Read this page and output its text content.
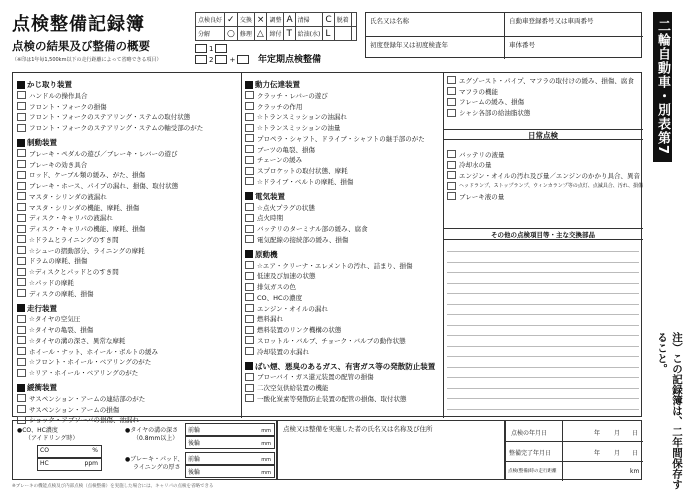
点検整備記録簿
点検の結果及び整備の概要
（※印は1年毎1,500km以下の走行距離によって省略できる項目）
点検良好	✓	交換	×	調整	A	清掃	C	脱着	
分解	○	修理	△	締付	T	給油(水)	L		
1
2 +	年定期点検整備
氏名又は名称	自動車登録番号又は車両番号
初度登録年又は初度検査年	車体番号	二輪自動車・別表第7
注）この記録簿は、二年間保存すること。
かじ取り装置
ハンドルの操作具合
フロント・フォークの損傷
フロント・フォークのステアリング・ステムの取付状態
フロント・フォークのステアリング・ステムの軸受部のがた
制動装置
ブレーキ・ペダルの遊び／ブレーキ・レバーの遊び
ブレーキの効き具合
ロッド、ケーブル類の緩み、がた、損傷
ブレーキ・ホース、パイプの漏れ、損傷、取付状態
マスタ・シリンダの液漏れ
マスタ・シリンダの機能、摩耗、損傷
ディスク・キャリパの液漏れ
ディスク・キャリパの機能、摩耗、損傷
☆ドラムとライニングのすき間
☆シューの摺動部分、ライニングの摩耗
ドラムの摩耗、損傷
☆ディスクとパッドとのすき間
☆パッドの摩耗
ディスクの摩耗、損傷
走行装置
☆タイヤの空気圧
☆タイヤの亀裂、損傷
☆タイヤの溝の深さ、異常な摩耗
ホイール・ナット、ホイール・ボルトの緩み
☆フロント・ホイール・ベアリングのがた
☆リア・ホイール・ベアリングのがた
緩衝装置
サスペンション・アームの連結部のがた
サスペンション・アームの損傷
ショック・アブソーバの損傷、油漏れ
動力伝達装置
クラッチ・レバーの遊び
クラッチの作用
☆トランスミッションの油漏れ
☆トランスミッションの油量
プロペラ・シャフト、ドライブ・シャフトの継手部のがた
ブーツの亀裂、損傷
チェーンの緩み
スプロケットの取付状態、摩耗
☆ドライブ・ベルトの摩耗、損傷
電気装置
☆点火プラグの状態
点火時期
バッテリのターミナル部の緩み、腐食
電気配線の接続部の緩み、損傷
原動機
☆エア・クリーナ・エレメントの汚れ、詰まり、損傷
低速及び加速の状態
排気ガスの色
CO、HCの濃度
エンジン・オイルの漏れ
燃料漏れ
燃料装置のリンク機構の状態
スロットル・バルブ、チョーク・バルブの動作状態
冷却装置の水漏れ
ばい煙、悪臭のあるガス、有害ガス等の発散防止装置
ブローバイ・ガス還元装置の配管の損傷
二次空気供給装置の機能
一酸化炭素等発散防止装置の配管の損傷、取付状態
エグゾースト・パイプ、マフラの取付けの緩み、損傷、腐食
マフラの機能
フレームの緩み、損傷
シャシ各部の給油脂状態
日常点検
バッテリの液量
冷却水の量
エンジン・オイルの汚れ及び量／エンジンのかかり具合、異音
ヘッドランプ、ストップランプ、ウィンカランプ等の点灯、点滅具合、汚れ、損傷
ブレーキ液の量
その他の点検項目等・主な交換部品
●CO、HC濃度
（アイドリング時）
CO	%
HC	ppm
●タイヤの溝の深さ
（0.8mm以上）
●ブレーキ・パッド、
ライニングの厚さ
前輪	mm
後輪	mm
前輪	mm
後輪	mm
点検又は整備を実施した者の氏名又は名称及び住所
点検の年月日	年 月 日
整備完了年月日	年 月 日
点検(整備)時の走行距離	km
※ブレーキの機能点検及び内部点検（点検整備）を実施した場合には、キャリパの点検を省略できる
